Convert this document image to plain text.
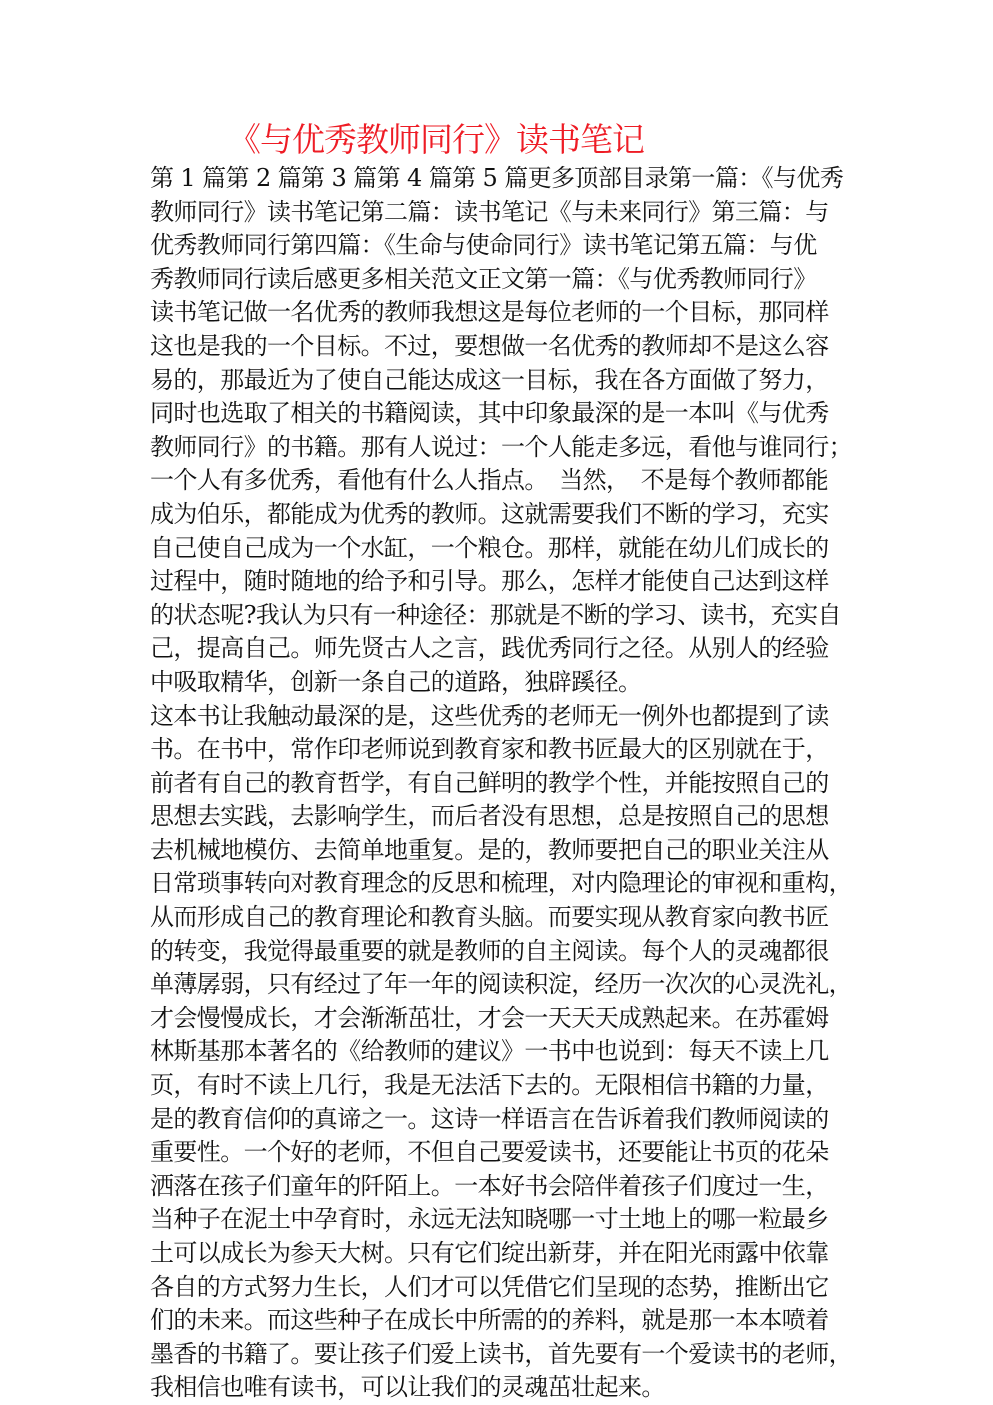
《与优秀教师同行》读书笔记
第 1 篇第 2 篇第 3 篇第 4 篇第 5 篇更多顶部目录第一篇：《与优秀
教师同行》读书笔记第二篇：读书笔记《与未来同行》第三篇：与
优秀教师同行第四篇：《生命与使命同行》读书笔记第五篇：与优
秀教师同行读后感更多相关范文正文第一篇：《与优秀教师同行》
读书笔记做一名优秀的教师我想这是每位老师的一个目标，那同样
这也是我的一个目标。不过，要想做一名优秀的教师却不是这么容
易的，那最近为了使自己能达成这一目标，我在各方面做了努力，
同时也选取了相关的书籍阅读，其中印象最深的是一本叫《与优秀
教师同行》的书籍。那有人说过：一个人能走多远，看他与谁同行；
一个人有多优秀，看他有什么人指点。　当然，　不是每个教师都能
成为伯乐，都能成为优秀的教师。这就需要我们不断的学习，充实
自己使自己成为一个水缸，一个粮仓。那样，就能在幼儿们成长的
过程中，随时随地的给予和引导。那么，怎样才能使自己达到这样
的状态呢?我认为只有一种途径：那就是不断的学习、读书，充实自
己，提高自己。师先贤古人之言，践优秀同行之径。从别人的经验
中吸取精华，创新一条自己的道路，独辟蹊径。
这本书让我触动最深的是，这些优秀的老师无一例外也都提到了读
书。在书中，常作印老师说到教育家和教书匠最大的区别就在于，
前者有自己的教育哲学，有自己鲜明的教学个性，并能按照自己的
思想去实践，去影响学生，而后者没有思想，总是按照自己的思想
去机械地模仿、去简单地重复。是的，教师要把自己的职业关注从
日常琐事转向对教育理念的反思和梳理，对内隐理论的审视和重构，
从而形成自己的教育理论和教育头脑。而要实现从教育家向教书匠
的转变，我觉得最重要的就是教师的自主阅读。每个人的灵魂都很
单薄孱弱，只有经过了年一年的阅读积淀，经历一次次的心灵洗礼，
才会慢慢成长，才会渐渐茁壮，才会一天天天成熟起来。在苏霍姆
林斯基那本著名的《给教师的建议》一书中也说到：每天不读上几
页，有时不读上几行，我是无法活下去的。无限相信书籍的力量，
是的教育信仰的真谛之一。这诗一样语言在告诉着我们教师阅读的
重要性。一个好的老师，不但自己要爱读书，还要能让书页的花朵
洒落在孩子们童年的阡陌上。一本好书会陪伴着孩子们度过一生，
当种子在泥土中孕育时，永远无法知晓哪一寸土地上的哪一粒最乡
土可以成长为参天大树。只有它们绽出新芽，并在阳光雨露中依靠
各自的方式努力生长，人们才可以凭借它们呈现的态势，推断出它
们的未来。而这些种子在成长中所需的的养料，就是那一本本喷着
墨香的书籍了。要让孩子们爱上读书，首先要有一个爱读书的老师，
我相信也唯有读书，可以让我们的灵魂茁壮起来。
